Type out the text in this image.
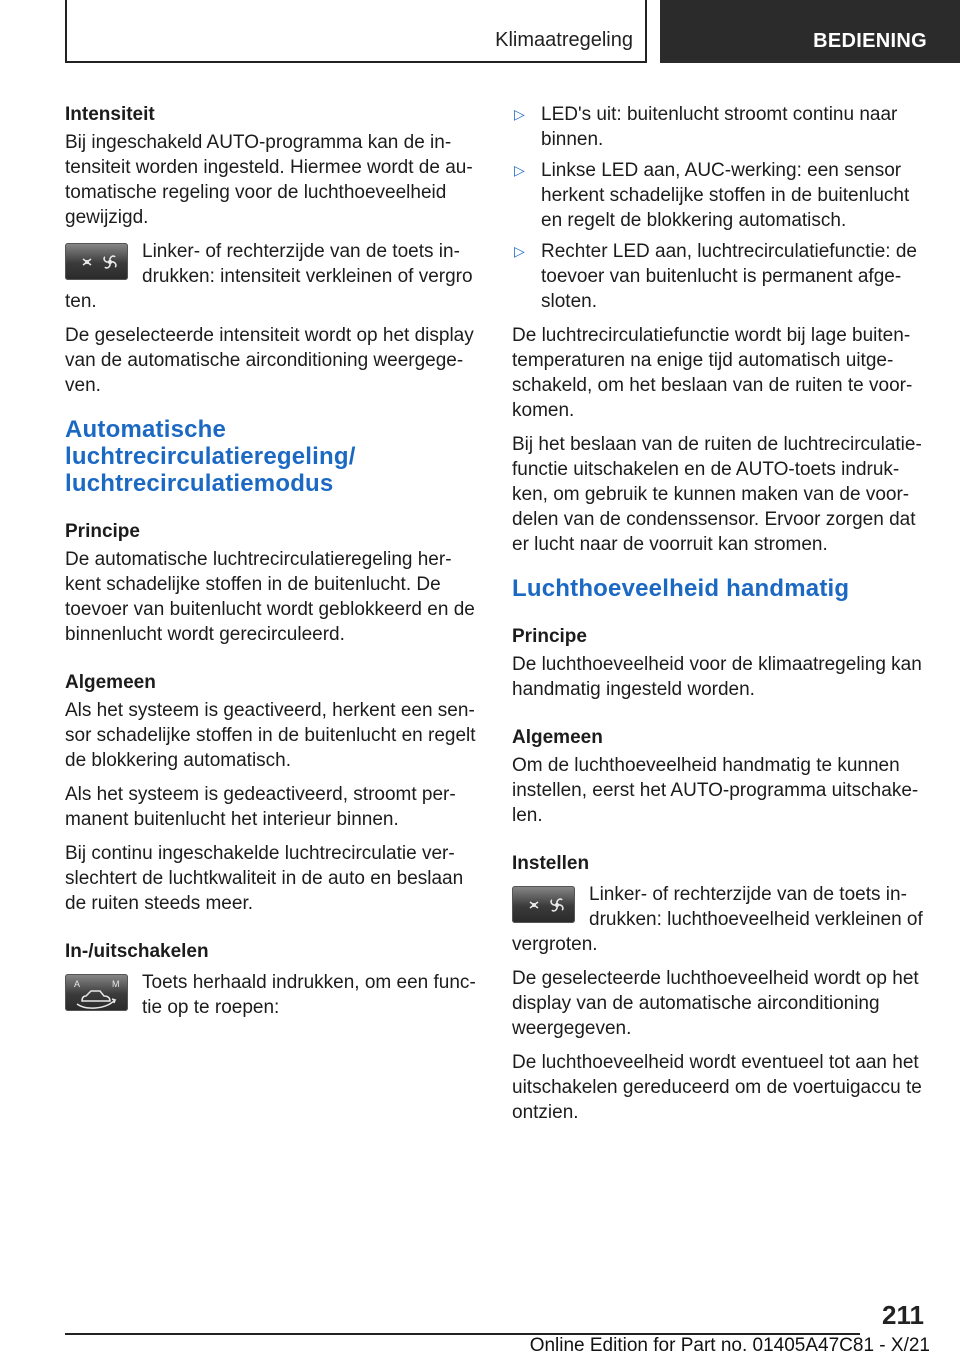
Klimaatregeling	BEDIENING

Intensiteit

Bij ingeschakeld AUTO-programma kan de intensiteit worden ingesteld. Hiermee wordt de automatische regeling voor de luchthoeveelheid gewijzigd.

Linker- of rechterzijde van de toets indrukken: intensiteit verkleinen of vergro
ten.

De geselecteerde intensiteit wordt op het display van de automatische airconditioning weergegeven.

Automatische luchtrecirculatieregeling/ luchtrecirculatiemodus

Principe

De automatische luchtrecirculatieregeling herkent schadelijke stoffen in de buitenlucht. De toevoer van buitenlucht wordt geblokkeerd en de binnenlucht wordt gerecirculeerd.

Algemeen

Als het systeem is geactiveerd, herkent een sensor schadelijke stoffen in de buitenlucht en regelt de blokkering automatisch.

Als het systeem is gedeactiveerd, stroomt permanent buitenlucht het interieur binnen.

Bij continu ingeschakelde luchtrecirculatie verslechtert de luchtkwaliteit in de auto en beslaan de ruiten steeds meer.

In-/uitschakelen

A	M Toets herhaald indrukken, om een functie op te roepen:
▷ LED's uit: buitenlucht stroomt continu naar binnen.
▷ Linkse LED aan, AUC-werking: een sensor herkent schadelijke stoffen in de buitenlucht en regelt de blokkering automatisch.
▷ Rechter LED aan, luchtrecirculatiefunctie: de toevoer van buitenlucht is permanent afgesloten.

De luchtrecirculatiefunctie wordt bij lage buitentemperaturen na enige tijd automatisch uitgeschakeld, om het beslaan van de ruiten te voorkomen.

Bij het beslaan van de ruiten de luchtrecirculatiefunctie uitschakelen en de AUTO-toets indrukken, om gebruik te kunnen maken van de voordelen van de condenssensor. Ervoor zorgen dat er lucht naar de voorruit kan stromen.

Luchthoeveelheid handmatig

Principe

De luchthoeveelheid voor de klimaatregeling kan handmatig ingesteld worden.

Algemeen

Om de luchthoeveelheid handmatig te kunnen instellen, eerst het AUTO-programma uitschakelen.

Instellen

Linker- of rechterzijde van de toets indrukken: luchthoeveelheid verkleinen of
vergroten.

De geselecteerde luchthoeveelheid wordt op het display van de automatische airconditioning weergegeven.

De luchthoeveelheid wordt eventueel tot aan het uitschakelen gereduceerd om de voertuigaccu te ontzien.

211
Online Edition for Part no. 01405A47C81 - X/21
